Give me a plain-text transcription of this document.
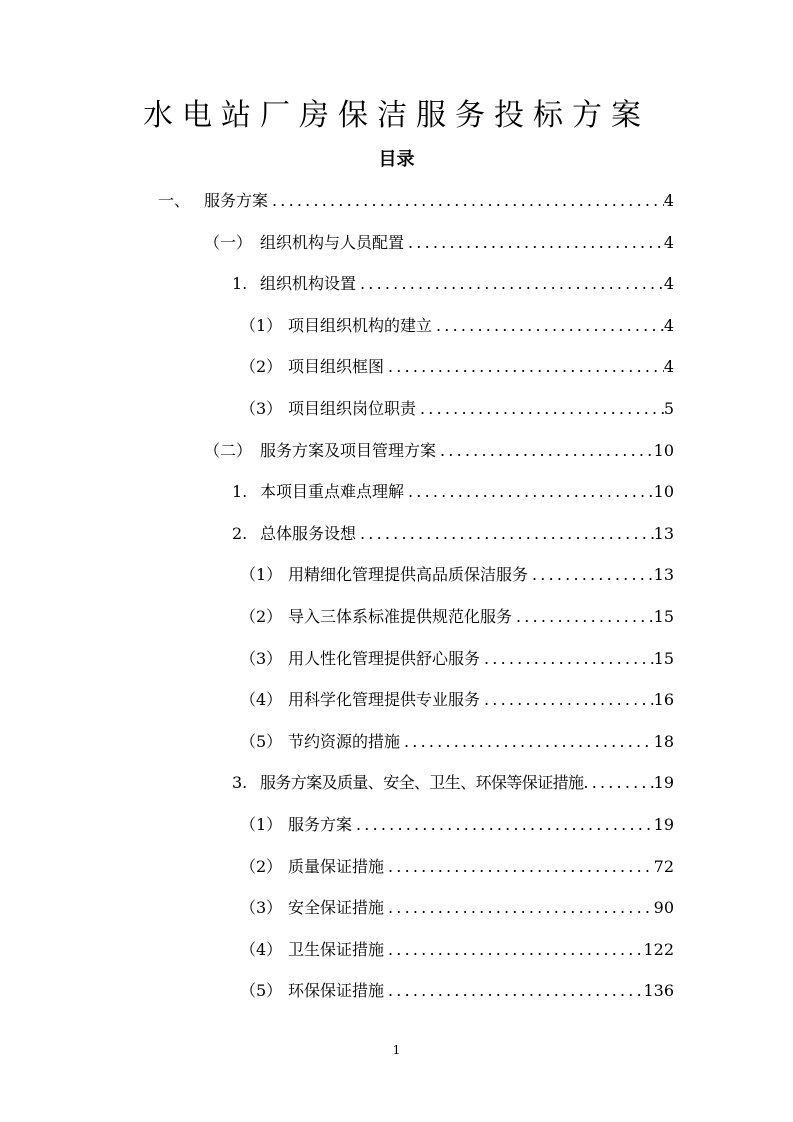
水电站厂房保洁服务投标方案
目录
一、 服务方案 .....	4
（一） 组织机构与人员配置 .....	4
1. 组织机构设置 .....	4
（1） 项目组织机构的建立 .....	4
（2） 项目组织框图 .....	4
（3） 项目组织岗位职责 .....	5
（二） 服务方案及项目管理方案 .....	10
1. 本项目重点难点理解 .....	10
2. 总体服务设想 .....	13
（1） 用精细化管理提供高品质保洁服务 .....	13
（2） 导入三体系标准提供规范化服务 .....	15
（3） 用人性化管理提供舒心服务 .....	15
（4） 用科学化管理提供专业服务 .....	16
（5） 节约资源的措施 .....	18
3. 服务方案及质量、安全、卫生、环保等保证措施 .....	19
（1） 服务方案 .....	19
（2） 质量保证措施 .....	72
（3） 安全保证措施 .....	90
（4） 卫生保证措施 .....	122
（5） 环保保证措施 .....	136
1
